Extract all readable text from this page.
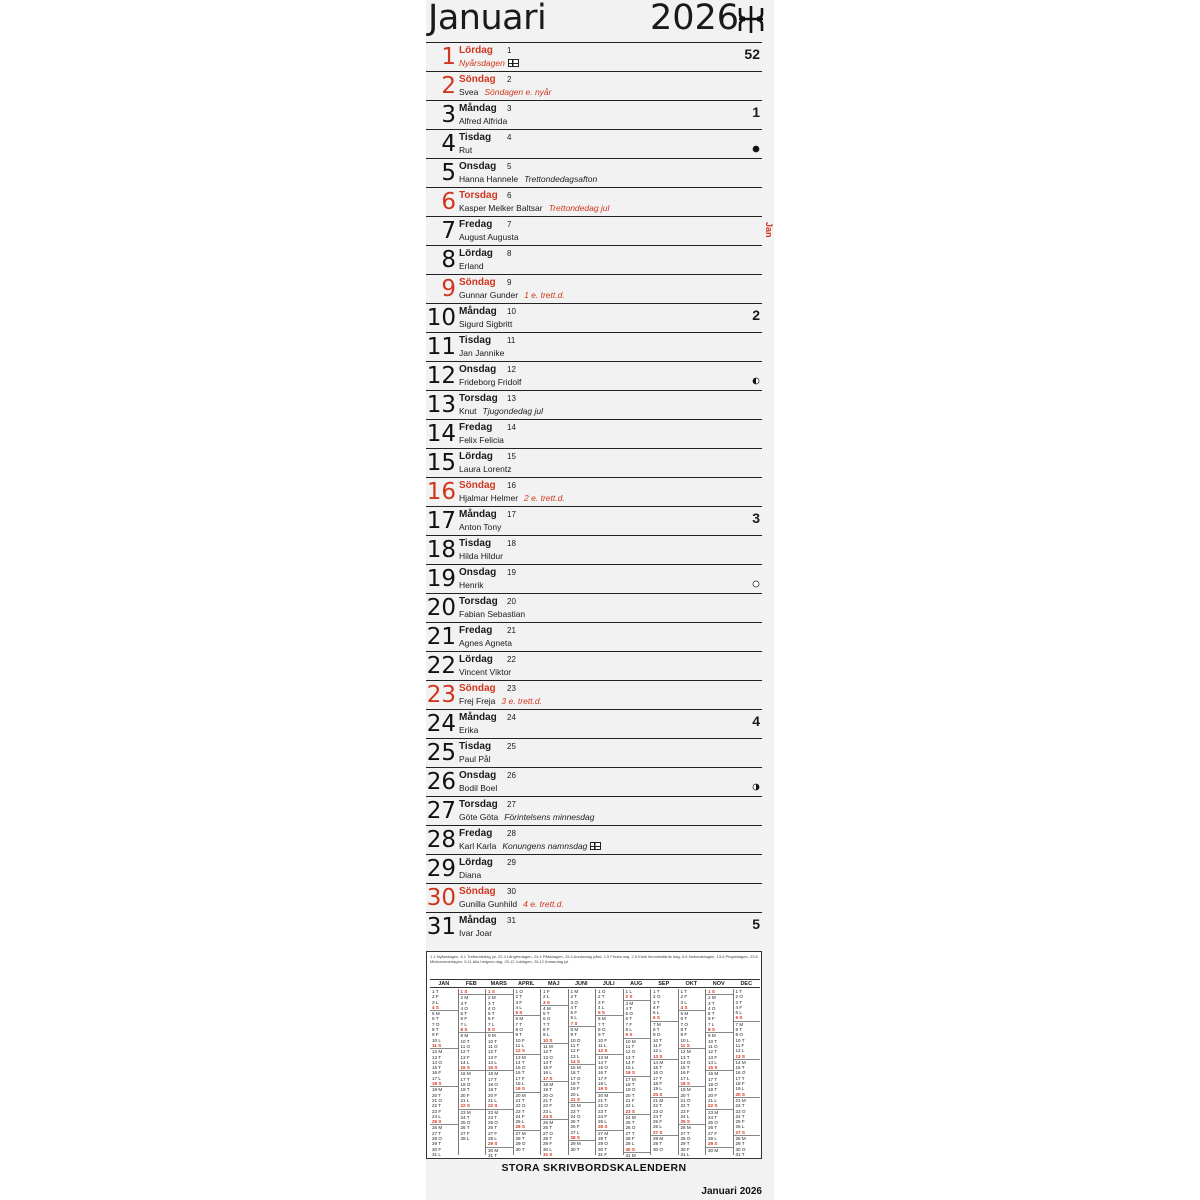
Januari	2026
1 Lördag 1
Nyårsdagen
52
2 Söndag 2
Svea Söndagen e. nyår
3 Måndag 3
Alfred Alfrida
1
4 Tisdag 4
Rut
5 Onsdag 5
Hanna Hannele Trettondedagsafton
6 Torsdag 6
Kasper Melker Baltsar Trettondedag jul
7 Fredag 7
August Augusta
8 Lördag 8
Erland
9 Söndag 9
Gunnar Gunder 1 e. trett.d.
10 Måndag 10
Sigurd Sigbritt
2
11 Tisdag 11
Jan Jannike
12 Onsdag 12
Frideborg Fridolf
13 Torsdag 13
Knut Tjugondedag jul
14 Fredag 14
Felix Felicia
15 Lördag 15
Laura Lorentz
16 Söndag 16
Hjalmar Helmer 2 e. trett.d.
17 Måndag 17
Anton Tony
3
18 Tisdag 18
Hilda Hildur
19 Onsdag 19
Henrik
20 Torsdag 20
Fabian Sebastian
21 Fredag 21
Agnes Agneta
22 Lördag 22
Vincent Viktor
23 Söndag 23
Frej Freja 3 e. trett.d.
24 Måndag 24
Erika
4
25 Tisdag 25
Paul Pål
26 Onsdag 26
Bodil Boel
27 Torsdag 27
Göte Göta Förintelsens minnesdag
28 Fredag 28
Karl Karla Konungens namnsdag
29 Lördag 29
Diana
30 Söndag 30
Gunilla Gunhild 4 e. trett.d.
31 Måndag 31
Ivar Joar
5
Jan
1.1 Nyårsdagen, 6.1 Trettondedag jul, 22.4 Långfredagen, 24.4 Påskdagen, 25.4 Annandag påsk, 1.5 Första maj, 2.5 Kristi himmelsfärds dag, 6.6 Nationaldagen, 13.6 Pingstdagen, 23.6 Midsommardagen, 5.11 Alla helgons dag, 25.12 Juldagen, 26.12 Annandag jul.
JAN
1 T
2 F
3 L
4 S
5 M
6 T
7 O
8 T
9 F
10 L
11 S
12 M
13 T
14 O
15 T
16 F
17 L
18 S
19 M
20 T
21 O
22 T
23 F
24 L
25 S
26 M
27 T
28 O
29 T
30 F
31 L
FEB
1 S
2 M
3 T
4 O
5 T
6 F
7 L
8 S
9 M
10 T
11 O
12 T
13 F
14 L
15 S
16 M
17 T
18 O
19 T
20 F
21 L
22 S
23 M
24 T
25 O
26 T
27 F
28 L
MARS
1 S
2 M
3 T
4 O
5 T
6 F
7 L
8 S
9 M
10 T
11 O
12 T
13 F
14 L
15 S
16 M
17 T
18 O
19 T
20 F
21 L
22 S
23 M
24 T
25 O
26 T
27 F
28 L
29 S
30 M
31 T
APRIL
1 O
2 T
3 F
4 L
5 S
6 M
7 T
8 O
9 T
10 F
11 L
12 S
13 M
14 T
15 O
16 T
17 F
18 L
19 S
20 M
21 T
22 O
23 T
24 F
25 L
26 S
27 M
28 T
29 O
30 T
MAJ
1 F
2 L
3 S
4 M
5 T
6 O
7 T
8 F
9 L
10 S
11 M
12 T
13 O
14 T
15 F
16 L
17 S
18 M
19 T
20 O
21 T
22 F
23 L
24 S
25 M
26 T
27 O
28 T
29 F
30 L
31 S
JUNI
1 M
2 T
3 O
4 T
5 F
6 L
7 S
8 M
9 T
10 O
11 T
12 F
13 L
14 S
15 M
16 T
17 O
18 T
19 F
20 L
21 S
22 M
23 T
24 O
25 T
26 F
27 L
28 S
29 M
30 T
JULI
1 O
2 T
3 F
4 L
5 S
6 M
7 T
8 O
9 T
10 F
11 L
12 S
13 M
14 T
15 O
16 T
17 F
18 L
19 S
20 M
21 T
22 O
23 T
24 F
25 L
26 S
27 M
28 T
29 O
30 T
31 F
AUG
1 L
2 S
3 M
4 T
5 O
6 T
7 F
8 L
9 S
10 M
11 T
12 O
13 T
14 F
15 L
16 S
17 M
18 T
19 O
20 T
21 F
22 L
23 S
24 M
25 T
26 O
27 T
28 F
29 L
30 S
31 M
SEP
1 T
2 O
3 T
4 F
5 L
6 S
7 M
8 T
9 O
10 T
11 F
12 L
13 S
14 M
15 T
16 O
17 T
18 F
19 L
20 S
21 M
22 T
23 O
24 T
25 F
26 L
27 S
28 M
29 T
30 O
OKT
1 T
2 F
3 L
4 S
5 M
6 T
7 O
8 T
9 F
10 L
11 S
12 M
13 T
14 O
15 T
16 F
17 L
18 S
19 M
20 T
21 O
22 T
23 F
24 L
25 S
26 M
27 T
28 O
29 T
30 F
31 L
NOV
1 S
2 M
3 T
4 O
5 T
6 F
7 L
8 S
9 M
10 T
11 O
12 T
13 F
14 L
15 S
16 M
17 T
18 O
19 T
20 F
21 L
22 S
23 M
24 T
25 O
26 T
27 F
28 L
29 S
30 M
DEC
1 T
2 O
3 T
4 F
5 L
6 S
7 M
8 T
9 O
10 T
11 F
12 L
13 S
14 M
15 T
16 O
17 T
18 F
19 L
20 S
21 M
22 T
23 O
24 T
25 F
26 L
27 S
28 M
29 T
30 O
31 T
STORA SKRIVBORDSKALENDERN
Januari 2026
